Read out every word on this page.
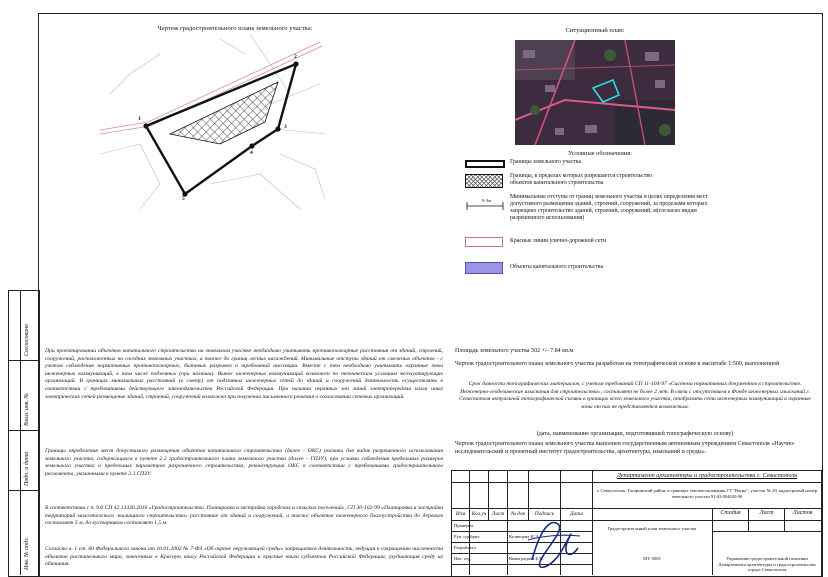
Согласовано
Взам. инв. №
Подп. и дата
Инв. № подл.
Чертеж градостроительного плана земельного участка:
1
2
3
4
5
Ситуационный план:
Условные обозначения:
Границы земельного участка
Границы, в пределах которых разрешается строительство объектов капитального строительства
0-3м
Минимальные отступы от границ земельного участка в целях определения мест допустимого размещения зданий, строений, сооружений, за пределами которых запрещено строительство зданий, строений, сооружений, м(согласно видам разрешенного использования)
Красные линии улично-дорожной сети
Объекты капитального строительства
При проектировании объектов капитального строительства на земельном участке необходимо учитывать противопожарные расстояния от зданий, строений, сооружений, расположенных на соседних земельных участках, а также до границ лесных насаждений. Минимальные отступы зданий от смежных объектов - с учетом соблюдения нормативных противопожарных, бытовых разрывов и требований инсоляции. Вместе с тем необходимо учитывать охранные зоны инженерных коммуникаций, в том числе подземных (при наличии). Вынос инженерных коммуникаций возможен по техническим условиям эксплуатирующих организаций. В границах минимальных расстояний (в смету) от подземных инженерных сетей до зданий и сооружений деятельность осуществлять в соответствии с требованиями действующего законодательства Российской Федерации. При наличии охранных зон линий электропередачи и/или иных электрических сетей размещение зданий, строений, сооружений возможно при получении письменного решения о согласовании сетевых организаций.
Границы определения мест допустимого размещения объектов капитального строительства (далее - ОКС) указаны для видов разрешенного использования земельного участка, содержащихся в пункте 2.2 градостроительного плана земельного участка (далее - ГПЗУ), при условии соблюдения предельных размеров земельного участка и предельных параметров разрешенного строительства, реконструкции ОКС в соответствии с требованиями градостроительного регламента, указанными в пункте 2.3 ГПЗУ.
В соответствии с п. 9.6 СП 42.13330.2016 «Градостроительство. Планировка и застройка городских и сельских поселений», СП 30-102-99 «Планировка и застройка территорий малоэтажного жилищного строительства» расстояние от зданий и сооружений, а также объектов инженерного благоустройства до деревьев составляет 5 м, до кустарников составляет 1,5 м.
Согласно ч. 1 ст. 60 Федерального закона от 10.01.2002 № 7-ФЗ «Об охране окружающей среды» запрещается деятельность, ведущая к сокращению численности объектов растительного мира, занесенных в Красную книгу Российской Федерации и красные книги субъектов Российской Федерации, ухудшающая среду их обитания.
Площадь земельного участка 502 +/- 7.84 кв.м
Чертеж градостроительного плана земельного участка разработан на топографической основе в масштабе 1:500, выполненной
Срок давности топографических материалов, с учетом требований СП 11-104-97 «Система нормативных документов в строительстве. Инженерно-геодезические изыскания для строительства», составляет не более 2 лет. В связи с отсутствием в Фонде инженерных изысканий г. Севастополя актуальной топографической съемки в границах всего земельного участка, отобразить сети инженерных коммуникаций и охранные зоны от них не представляется возможным.
(дата, наименование организации, подготовившей топографическую основу)
Чертеж градостроительного плана земельного участка выполнен государственным автономным учреждением Севастополя «Научно-исследовательский и проектный институт градостроительства, архитектуры, изысканий и среды».
Изм	Кол.уч Лист	№ док	Подпись	Дата
Проверил
Рук. одобрил	Кузнецова Н.Э.
Разработал
Нач. отд.	Виноградова Е.В.
Департамент архитектуры и градостроительства г. Севастополя
г. Севастополь, Гагаринский район, в границах землепользования ГТ "Вагра", участок № 29, кадастровый номер земельного участка 91:02:004020:90
Градостроительный план земельного участка
МТ-5065
Стадия	Лист	Листов
Управление градостроительной политики Департамента архитектуры и градостроительства города Севастополя
